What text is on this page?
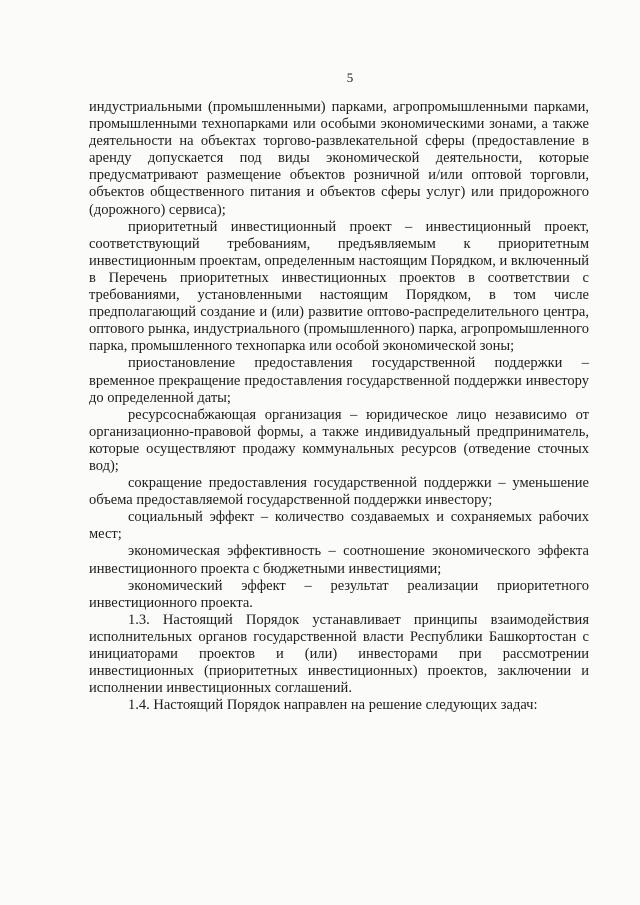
5

индустриальными (промышленными) парками, агропромышленными парками, промышленными технопарками или особыми экономическими зонами, а также деятельности на объектах торгово-развлекательной сферы (предоставление в аренду допускается под виды экономической деятельности, которые предусматривают размещение объектов розничной и/или оптовой торговли, объектов общественного питания и объектов сферы услуг) или придорожного (дорожного) сервиса);

приоритетный инвестиционный проект – инвестиционный проект, соответствующий требованиям, предъявляемым к приоритетным инвестиционным проектам, определенным настоящим Порядком, и включенный в Перечень приоритетных инвестиционных проектов в соответствии с требованиями, установленными настоящим Порядком, в том числе предполагающий создание и (или) развитие оптово-распределительного центра, оптового рынка, индустриального (промышленного) парка, агропромышленного парка, промышленного технопарка или особой экономической зоны;

приостановление предоставления государственной поддержки – временное прекращение предоставления государственной поддержки инвестору до определенной даты;

ресурсоснабжающая организация – юридическое лицо независимо от организационно-правовой формы, а также индивидуальный предприниматель, которые осуществляют продажу коммунальных ресурсов (отведение сточных вод);

сокращение предоставления государственной поддержки – уменьшение объема предоставляемой государственной поддержки инвестору;

социальный эффект – количество создаваемых и сохраняемых рабочих мест;

экономическая эффективность – соотношение экономического эффекта инвестиционного проекта с бюджетными инвестициями;

экономический эффект – результат реализации приоритетного инвестиционного проекта.

1.3. Настоящий Порядок устанавливает принципы взаимодействия исполнительных органов государственной власти Республики Башкортостан с инициаторами проектов и (или) инвесторами при рассмотрении инвестиционных (приоритетных инвестиционных) проектов, заключении и исполнении инвестиционных соглашений.

1.4. Настоящий Порядок направлен на решение следующих задач:
